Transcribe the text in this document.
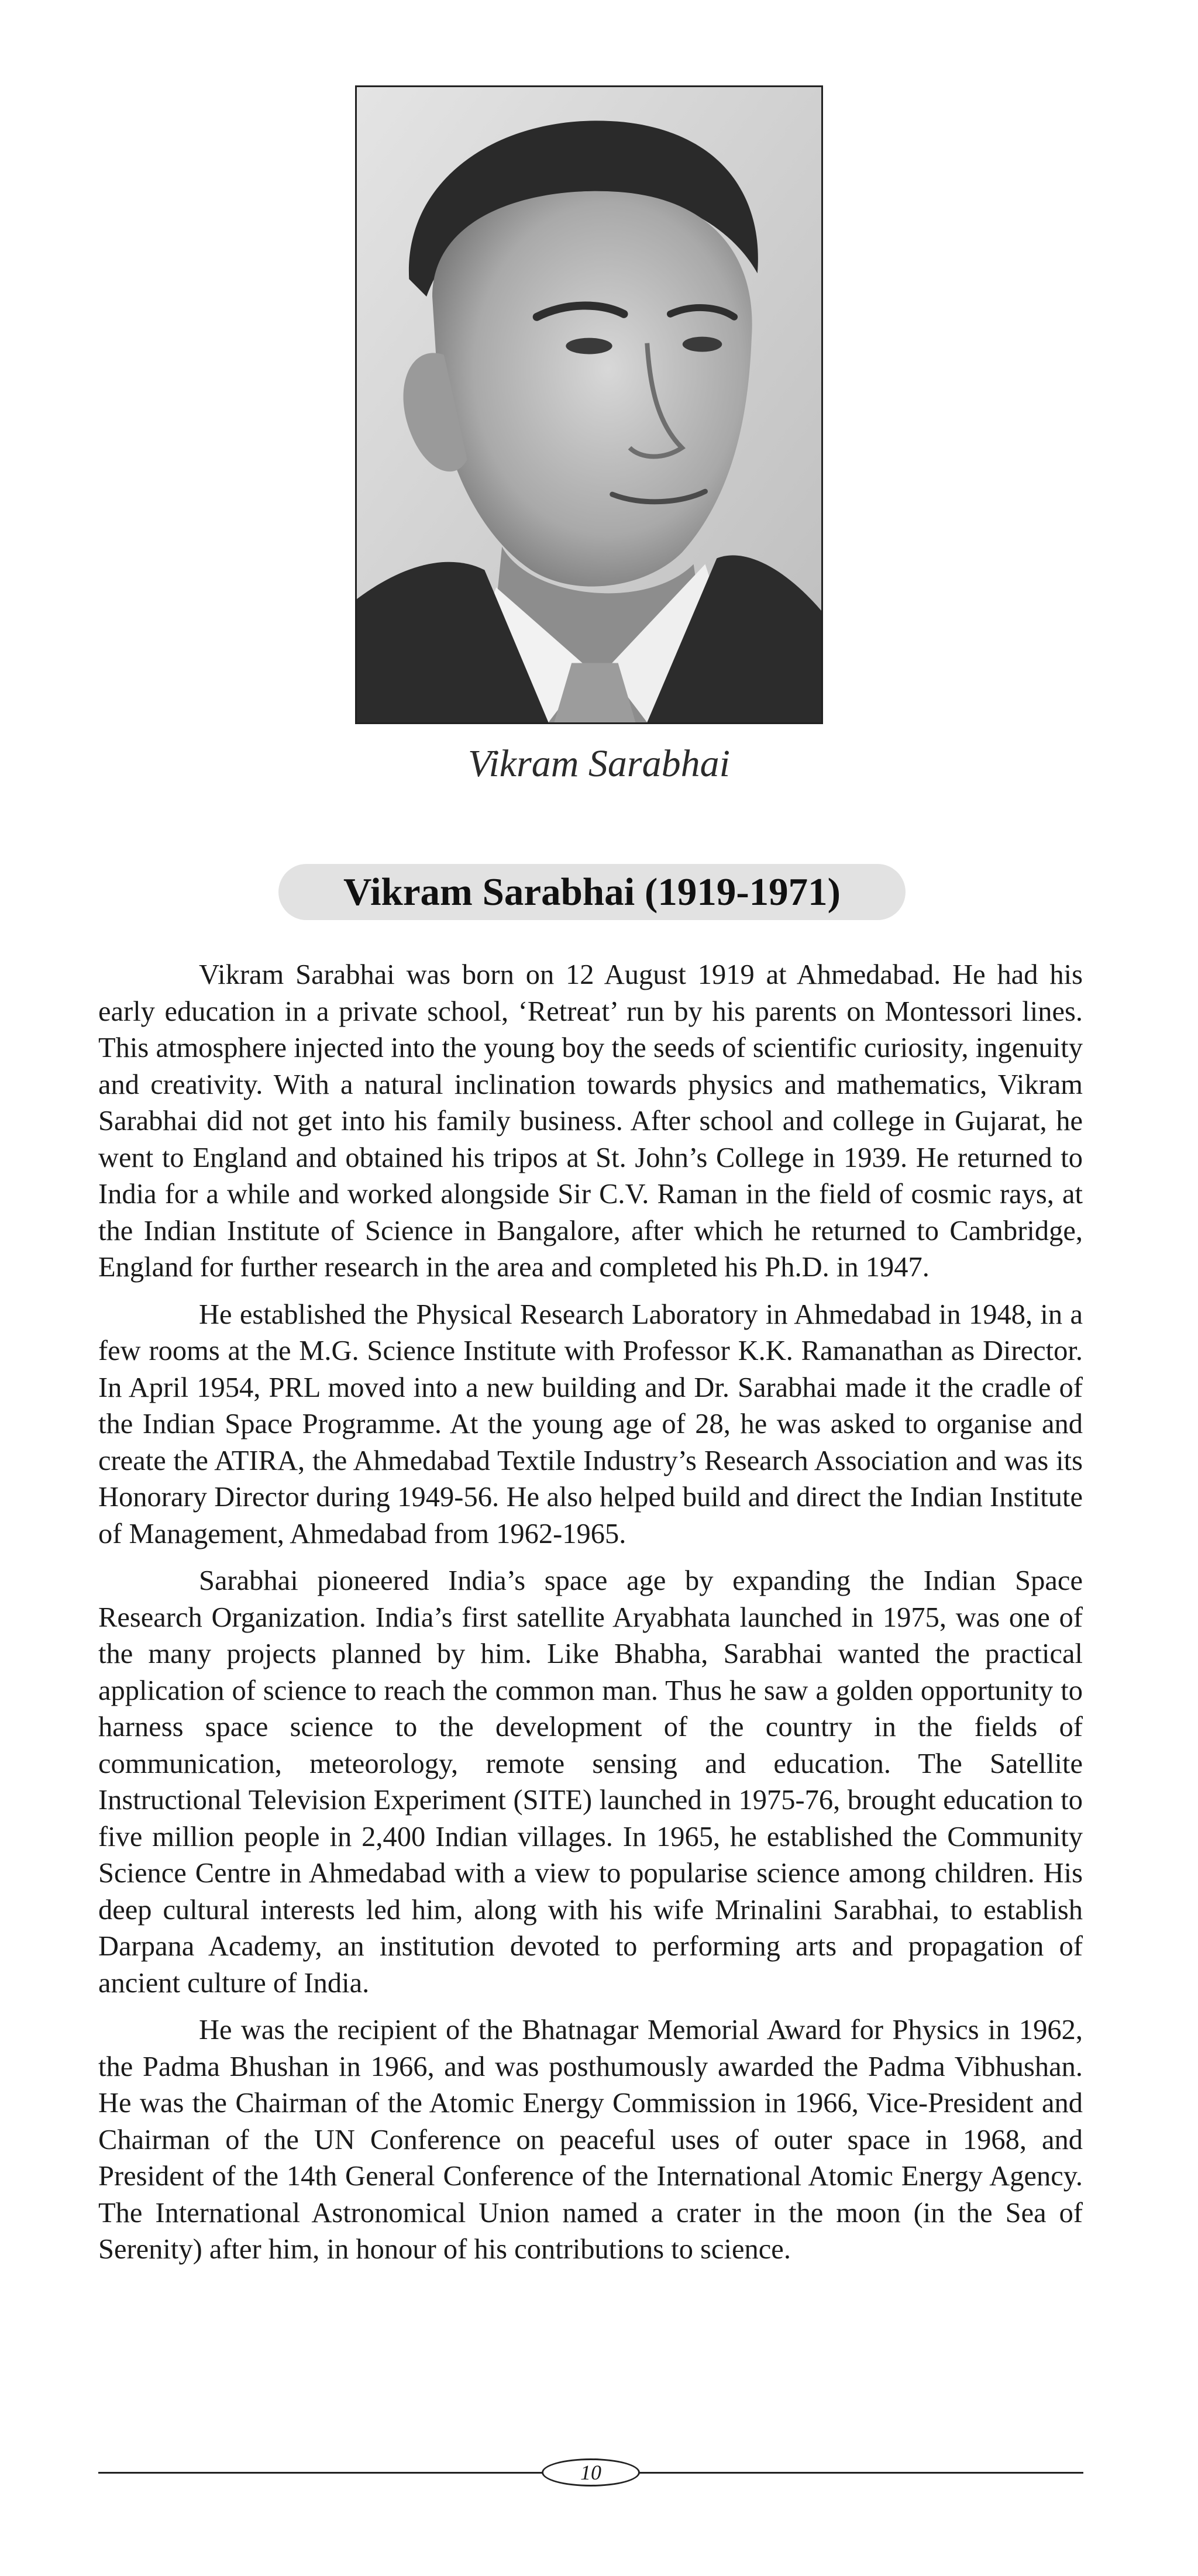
Vikram Sarabhai
Vikram Sarabhai (1919-1971)

Vikram Sarabhai was born on 12 August 1919 at Ahmedabad. He had his early education in a private school, ‘Retreat’ run by his parents on Montessori lines. This atmosphere injected into the young boy the seeds of scientific curiosity, ingenuity and creativity. With a natural inclination towards physics and mathematics, Vikram Sarabhai did not get into his family business. After school and college in Gujarat, he went to England and obtained his tripos at St. John’s College in 1939. He returned to India for a while and worked alongside Sir C.V. Raman in the field of cosmic rays, at the Indian Institute of Science in Bangalore, after which he returned to Cambridge, England for further research in the area and completed his Ph.D. in 1947.

He established the Physical Research Laboratory in Ahmedabad in 1948, in a few rooms at the M.G. Science Institute with Professor K.K. Ramanathan as Director. In April 1954, PRL moved into a new building and Dr. Sarabhai made it the cradle of the Indian Space Programme. At the young age of 28, he was asked to organise and create the ATIRA, the Ahmedabad Textile Industry’s Research Association and was its Honorary Director during 1949-56. He also helped build and direct the Indian Institute of Management, Ahmedabad from 1962-1965.

Sarabhai pioneered India’s space age by expanding the Indian Space Research Organization. India’s first satellite Aryabhata launched in 1975, was one of the many projects planned by him. Like Bhabha, Sarabhai wanted the practical application of science to reach the common man. Thus he saw a golden opportunity to harness space science to the development of the country in the fields of communication, meteorology, remote sensing and education. The Satellite Instructional Television Experiment (SITE) launched in 1975-76, brought education to five million people in 2,400 Indian villages. In 1965, he established the Community Science Centre in Ahmedabad with a view to popularise science among children. His deep cultural interests led him, along with his wife Mrinalini Sarabhai, to establish Darpana Academy, an institution devoted to performing arts and propagation of ancient culture of India.

He was the recipient of the Bhatnagar Memorial Award for Physics in 1962, the Padma Bhushan in 1966, and was posthumously awarded the Padma Vibhushan. He was the Chairman of the Atomic Energy Commission in 1966, Vice-President and Chairman of the UN Conference on peaceful uses of outer space in 1968, and President of the 14th General Conference of the International Atomic Energy Agency. The International Astronomical Union named a crater in the moon (in the Sea of Serenity) after him, in honour of his contributions to science.

10
